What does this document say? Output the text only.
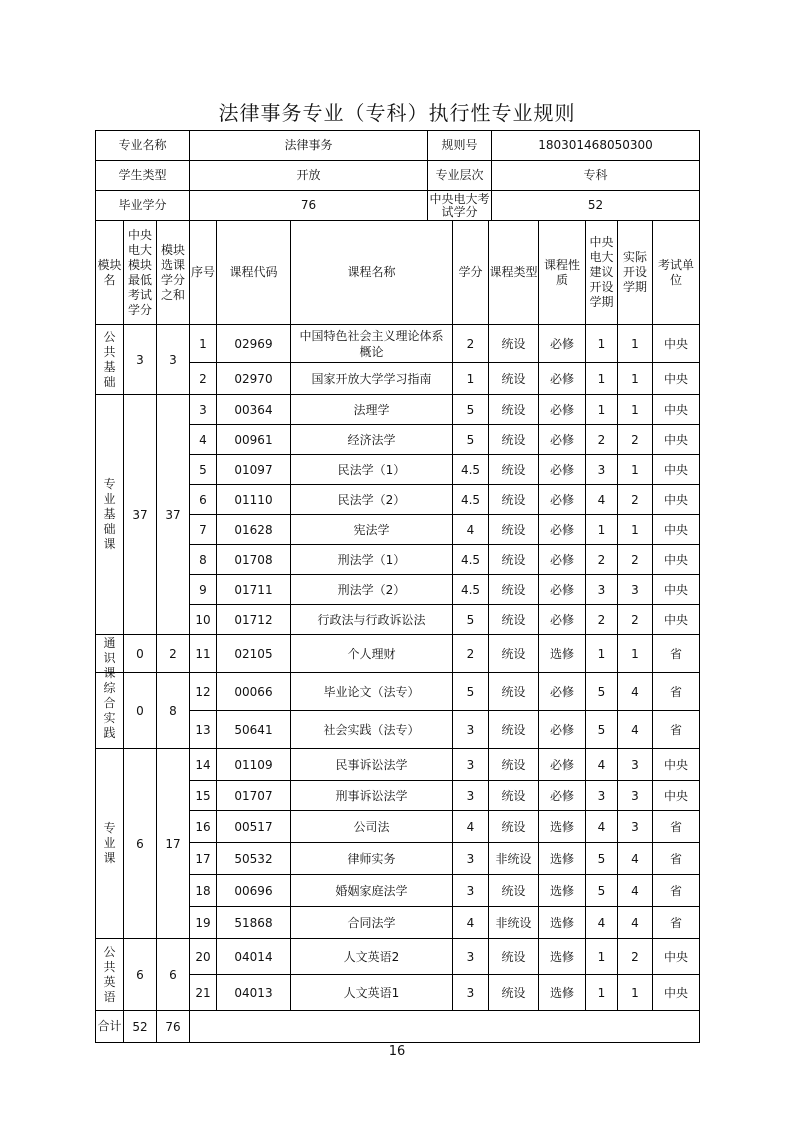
法律事务专业（专科）执行性专业规则
专业名称	法律事务	规则号	180301468050300
学生类型	开放	专业层次	专科
毕业学分	76	中央电大考试学分	52
模块名	中央电大模块最低考试学分	模块选课学分之和	序号	课程代码	课程名称	学分	课程类型	课程性质	中央电大建议开设学期	实际开设学期	考试单位

公共基础	3	3	1	02969	中国特色社会主义理论体系概论	2	统设	必修	1	1	中央
			2	02970	国家开放大学学习指南	1	统设	必修	1	1	中央

专业基础课	37	37	3	00364	法理学	5	统设	必修	1	1	中央
			4	00961	经济法学	5	统设	必修	2	2	中央
			5	01097	民法学（1）	4.5	统设	必修	3	1	中央
			6	01110	民法学（2）	4.5	统设	必修	4	2	中央
			7	01628	宪法学	4	统设	必修	1	1	中央
			8	01708	刑法学（1）	4.5	统设	必修	2	2	中央
			9	01711	刑法学（2）	4.5	统设	必修	3	3	中央
			10	01712	行政法与行政诉讼法	5	统设	必修	2	2	中央

通识课	0	2	11	02105	个人理财	2	统设	选修	1	1	省

综合实践	0	8	12	00066	毕业论文（法专）	5	统设	必修	5	4	省
			13	50641	社会实践（法专）	3	统设	必修	5	4	省

专业课	6	17	14	01109	民事诉讼法学	3	统设	必修	4	3	中央
			15	01707	刑事诉讼法学	3	统设	必修	3	3	中央
			16	00517	公司法	4	统设	选修	4	3	省
			17	50532	律师实务	3	非统设	选修	5	4	省
			18	00696	婚姻家庭法学	3	统设	选修	5	4	省
			19	51868	合同法学	4	非统设	选修	4	4	省

公共英语	6	6	20	04014	人文英语2	3	统设	选修	1	2	中央
			21	04013	人文英语1	3	统设	选修	1	1	中央
合计	52	76									
16
